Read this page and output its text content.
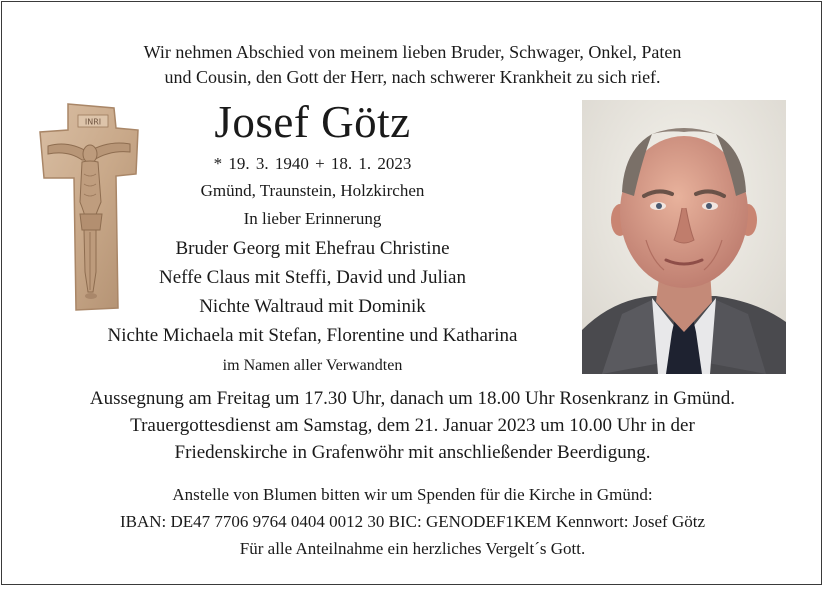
Wir nehmen Abschied von meinem lieben Bruder, Schwager, Onkel, Paten
und Cousin, den Gott der Herr, nach schwerer Krankheit zu sich rief.
Josef Götz
* 19. 3. 1940 + 18. 1. 2023
Gmünd, Traunstein, Holzkirchen
In lieber Erinnerung
Bruder Georg mit Ehefrau Christine
Neffe Claus mit Steffi, David und Julian
Nichte Waltraud mit Dominik
Nichte Michaela mit Stefan, Florentine und Katharina
im Namen aller Verwandten
Aussegnung am Freitag um 17.30 Uhr, danach um 18.00 Uhr Rosenkranz in Gmünd.
Trauergottesdienst am Samstag, dem 21. Januar 2023 um 10.00 Uhr in der
Friedenskirche in Grafenwöhr mit anschließender Beerdigung.
Anstelle von Blumen bitten wir um Spenden für die Kirche in Gmünd:
IBAN: DE47 7706 9764 0404 0012 30 BIC: GENODEF1KEM Kennwort: Josef Götz
Für alle Anteilnahme ein herzliches Vergelt´s Gott.
INRI
